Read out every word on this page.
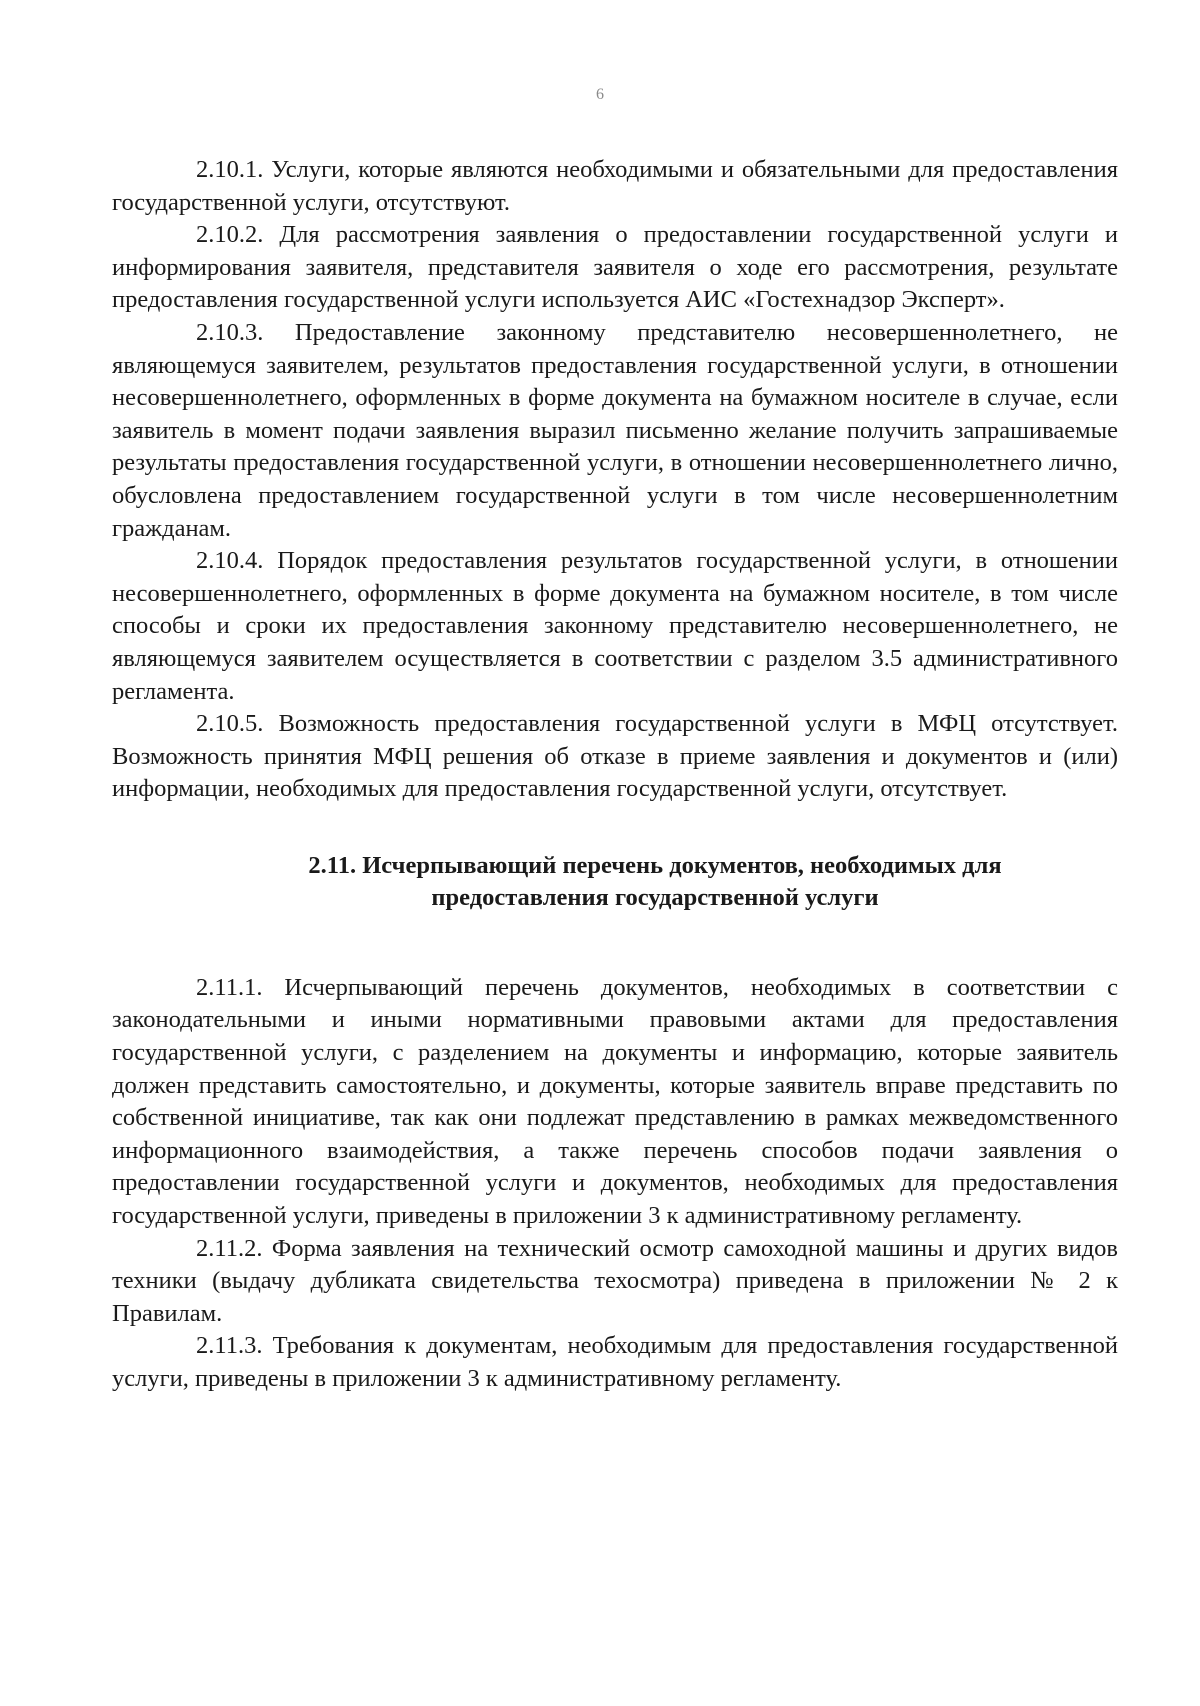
6

2.10.1. Услуги, которые являются необходимыми и обязательными для предоставления государственной услуги, отсутствуют.

2.10.2. Для рассмотрения заявления о предоставлении государственной услуги и информирования заявителя, представителя заявителя о ходе его рассмотрения, результате предоставления государственной услуги используется АИС «Гостехнадзор Эксперт».

2.10.3. Предоставление законному представителю несовершеннолетнего, не являющемуся заявителем, результатов предоставления государственной услуги, в отношении несовершеннолетнего, оформленных в форме документа на бумажном носителе в случае, если заявитель в момент подачи заявления выразил письменно желание получить запрашиваемые результаты предоставления государственной услуги, в отношении несовершеннолетнего лично, обусловлена предоставлением государственной услуги в том числе несовершеннолетним гражданам.

2.10.4. Порядок предоставления результатов государственной услуги, в отношении несовершеннолетнего, оформленных в форме документа на бумажном носителе, в том числе способы и сроки их предоставления законному представителю несовершеннолетнего, не являющемуся заявителем осуществляется в соответствии с разделом 3.5 административного регламента.

2.10.5. Возможность предоставления государственной услуги в МФЦ отсутствует. Возможность принятия МФЦ решения об отказе в приеме заявления и документов и (или) информации, необходимых для предоставления государственной услуги, отсутствует.

2.11. Исчерпывающий перечень документов, необходимых для
предоставления государственной услуги

2.11.1. Исчерпывающий перечень документов, необходимых в соответствии с законодательными и иными нормативными правовыми актами для предоставления государственной услуги, с разделением на документы и информацию, которые заявитель должен представить самостоятельно, и документы, которые заявитель вправе представить по собственной инициативе, так как они подлежат представлению в рамках межведомственного информационного взаимодействия, а также перечень способов подачи заявления о предоставлении государственной услуги и документов, необходимых для предоставления государственной услуги, приведены в приложении 3 к административному регламенту.

2.11.2. Форма заявления на технический осмотр самоходной машины и других видов техники (выдачу дубликата свидетельства техосмотра) приведена в приложении № 2 к Правилам.

2.11.3. Требования к документам, необходимым для предоставления государственной услуги, приведены в приложении 3 к административному регламенту.
